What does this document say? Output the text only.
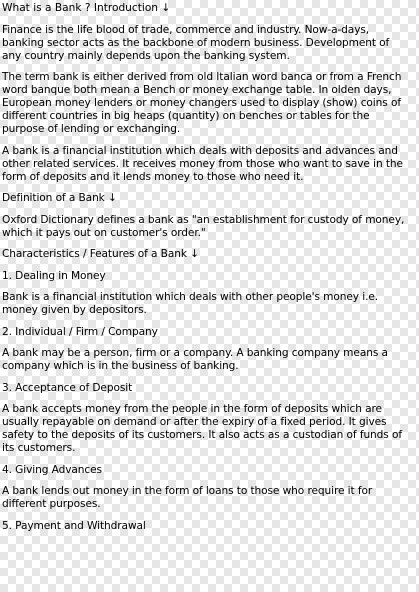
What is a Bank ? Introduction ↓
Finance is the life blood of trade, commerce and industry. Now-a-days,
banking sector acts as the backbone of modern business. Development of
any country mainly depends upon the banking system.
The term bank is either derived from old Italian word banca or from a French
word banque both mean a Bench or money exchange table. In olden days,
European money lenders or money changers used to display (show) coins of
different countries in big heaps (quantity) on benches or tables for the
purpose of lending or exchanging.
A bank is a financial institution which deals with deposits and advances and
other related services. It receives money from those who want to save in the
form of deposits and it lends money to those who need it.
Definition of a Bank ↓
Oxford Dictionary defines a bank as "an establishment for custody of money,
which it pays out on customer's order."
Characteristics / Features of a Bank ↓
1. Dealing in Money
Bank is a financial institution which deals with other people's money i.e.
money given by depositors.
2. Individual / Firm / Company
A bank may be a person, firm or a company. A banking company means a
company which is in the business of banking.
3. Acceptance of Deposit
A bank accepts money from the people in the form of deposits which are
usually repayable on demand or after the expiry of a fixed period. It gives
safety to the deposits of its customers. It also acts as a custodian of funds of
its customers.
4. Giving Advances
A bank lends out money in the form of loans to those who require it for
different purposes.
5. Payment and Withdrawal
